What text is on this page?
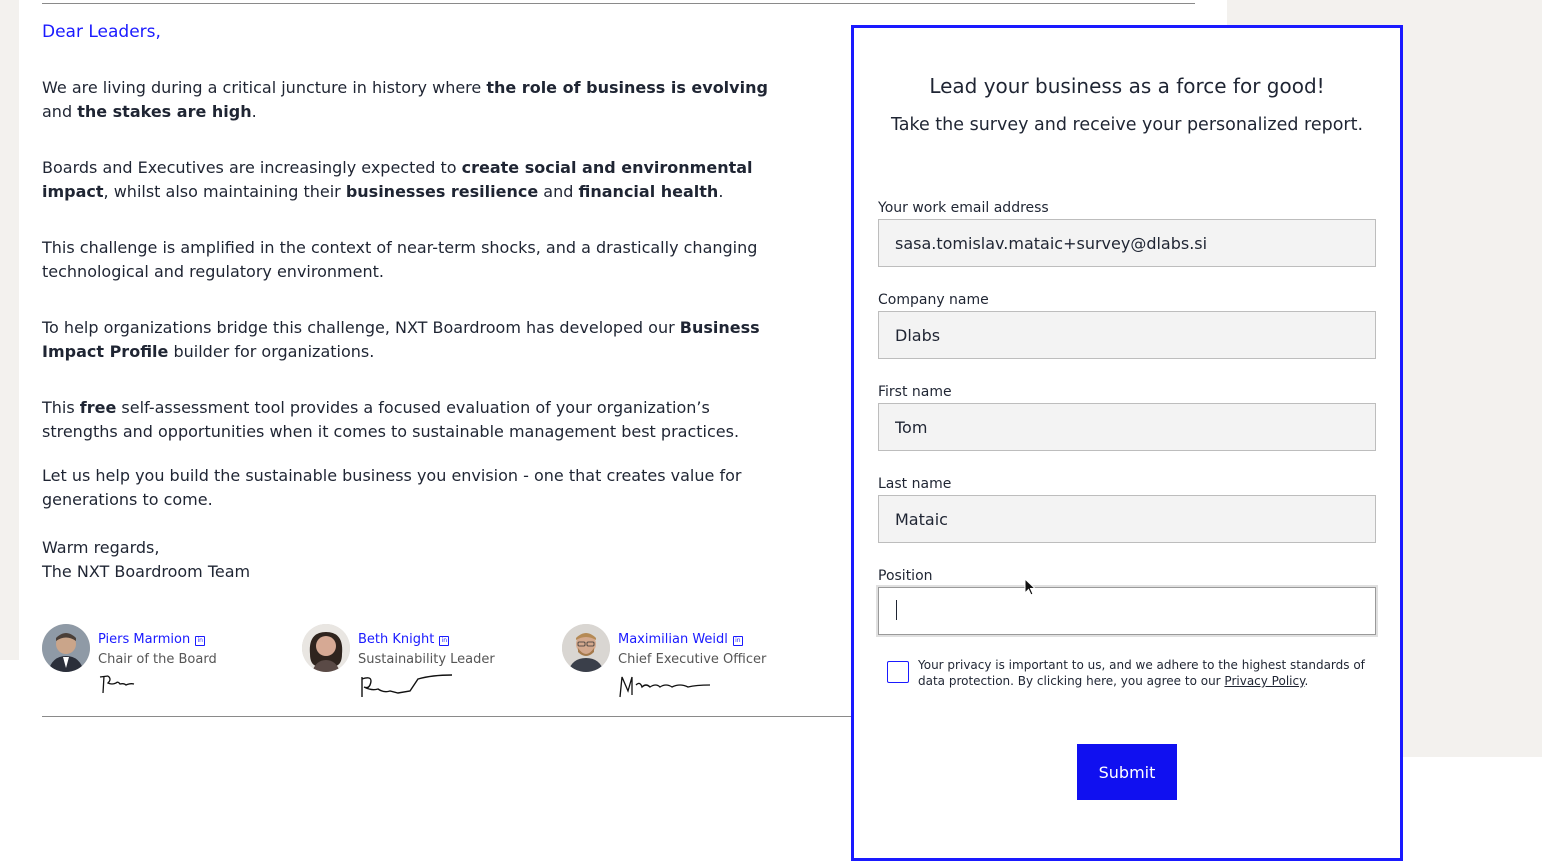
Dear Leaders,

We are living during a critical juncture in history where the role of business is evolving and the stakes are high.

Boards and Executives are increasingly expected to create social and environmental impact, whilst also maintaining their businesses resilience and financial health.

This challenge is amplified in the context of near-term shocks, and a drastically changing technological and regulatory environment.

To help organizations bridge this challenge, NXT Boardroom has developed our Business Impact Profile builder for organizations.

This free self-assessment tool provides a focused evaluation of your organization’s strengths and opportunities when it comes to sustainable management best practices.

Let us help you build the sustainable business you envision - one that creates value for generations to come.

Warm regards,
The NXT Boardroom Team

Piers Marmion in
Chair of the Board
Beth Knight in
Sustainability Leader
Maximilian Weidl in
Chief Executive Officer
Lead your business as a force for good!
Take the survey and receive your personalized report.
Your work email address
sasa.tomislav.mataic+survey@dlabs.si
Company name
Dlabs
First name
Tom
Last name
Mataic
Position
Your privacy is important to us, and we adhere to the highest standards of data protection. By clicking here, you agree to our Privacy Policy.
Submit
